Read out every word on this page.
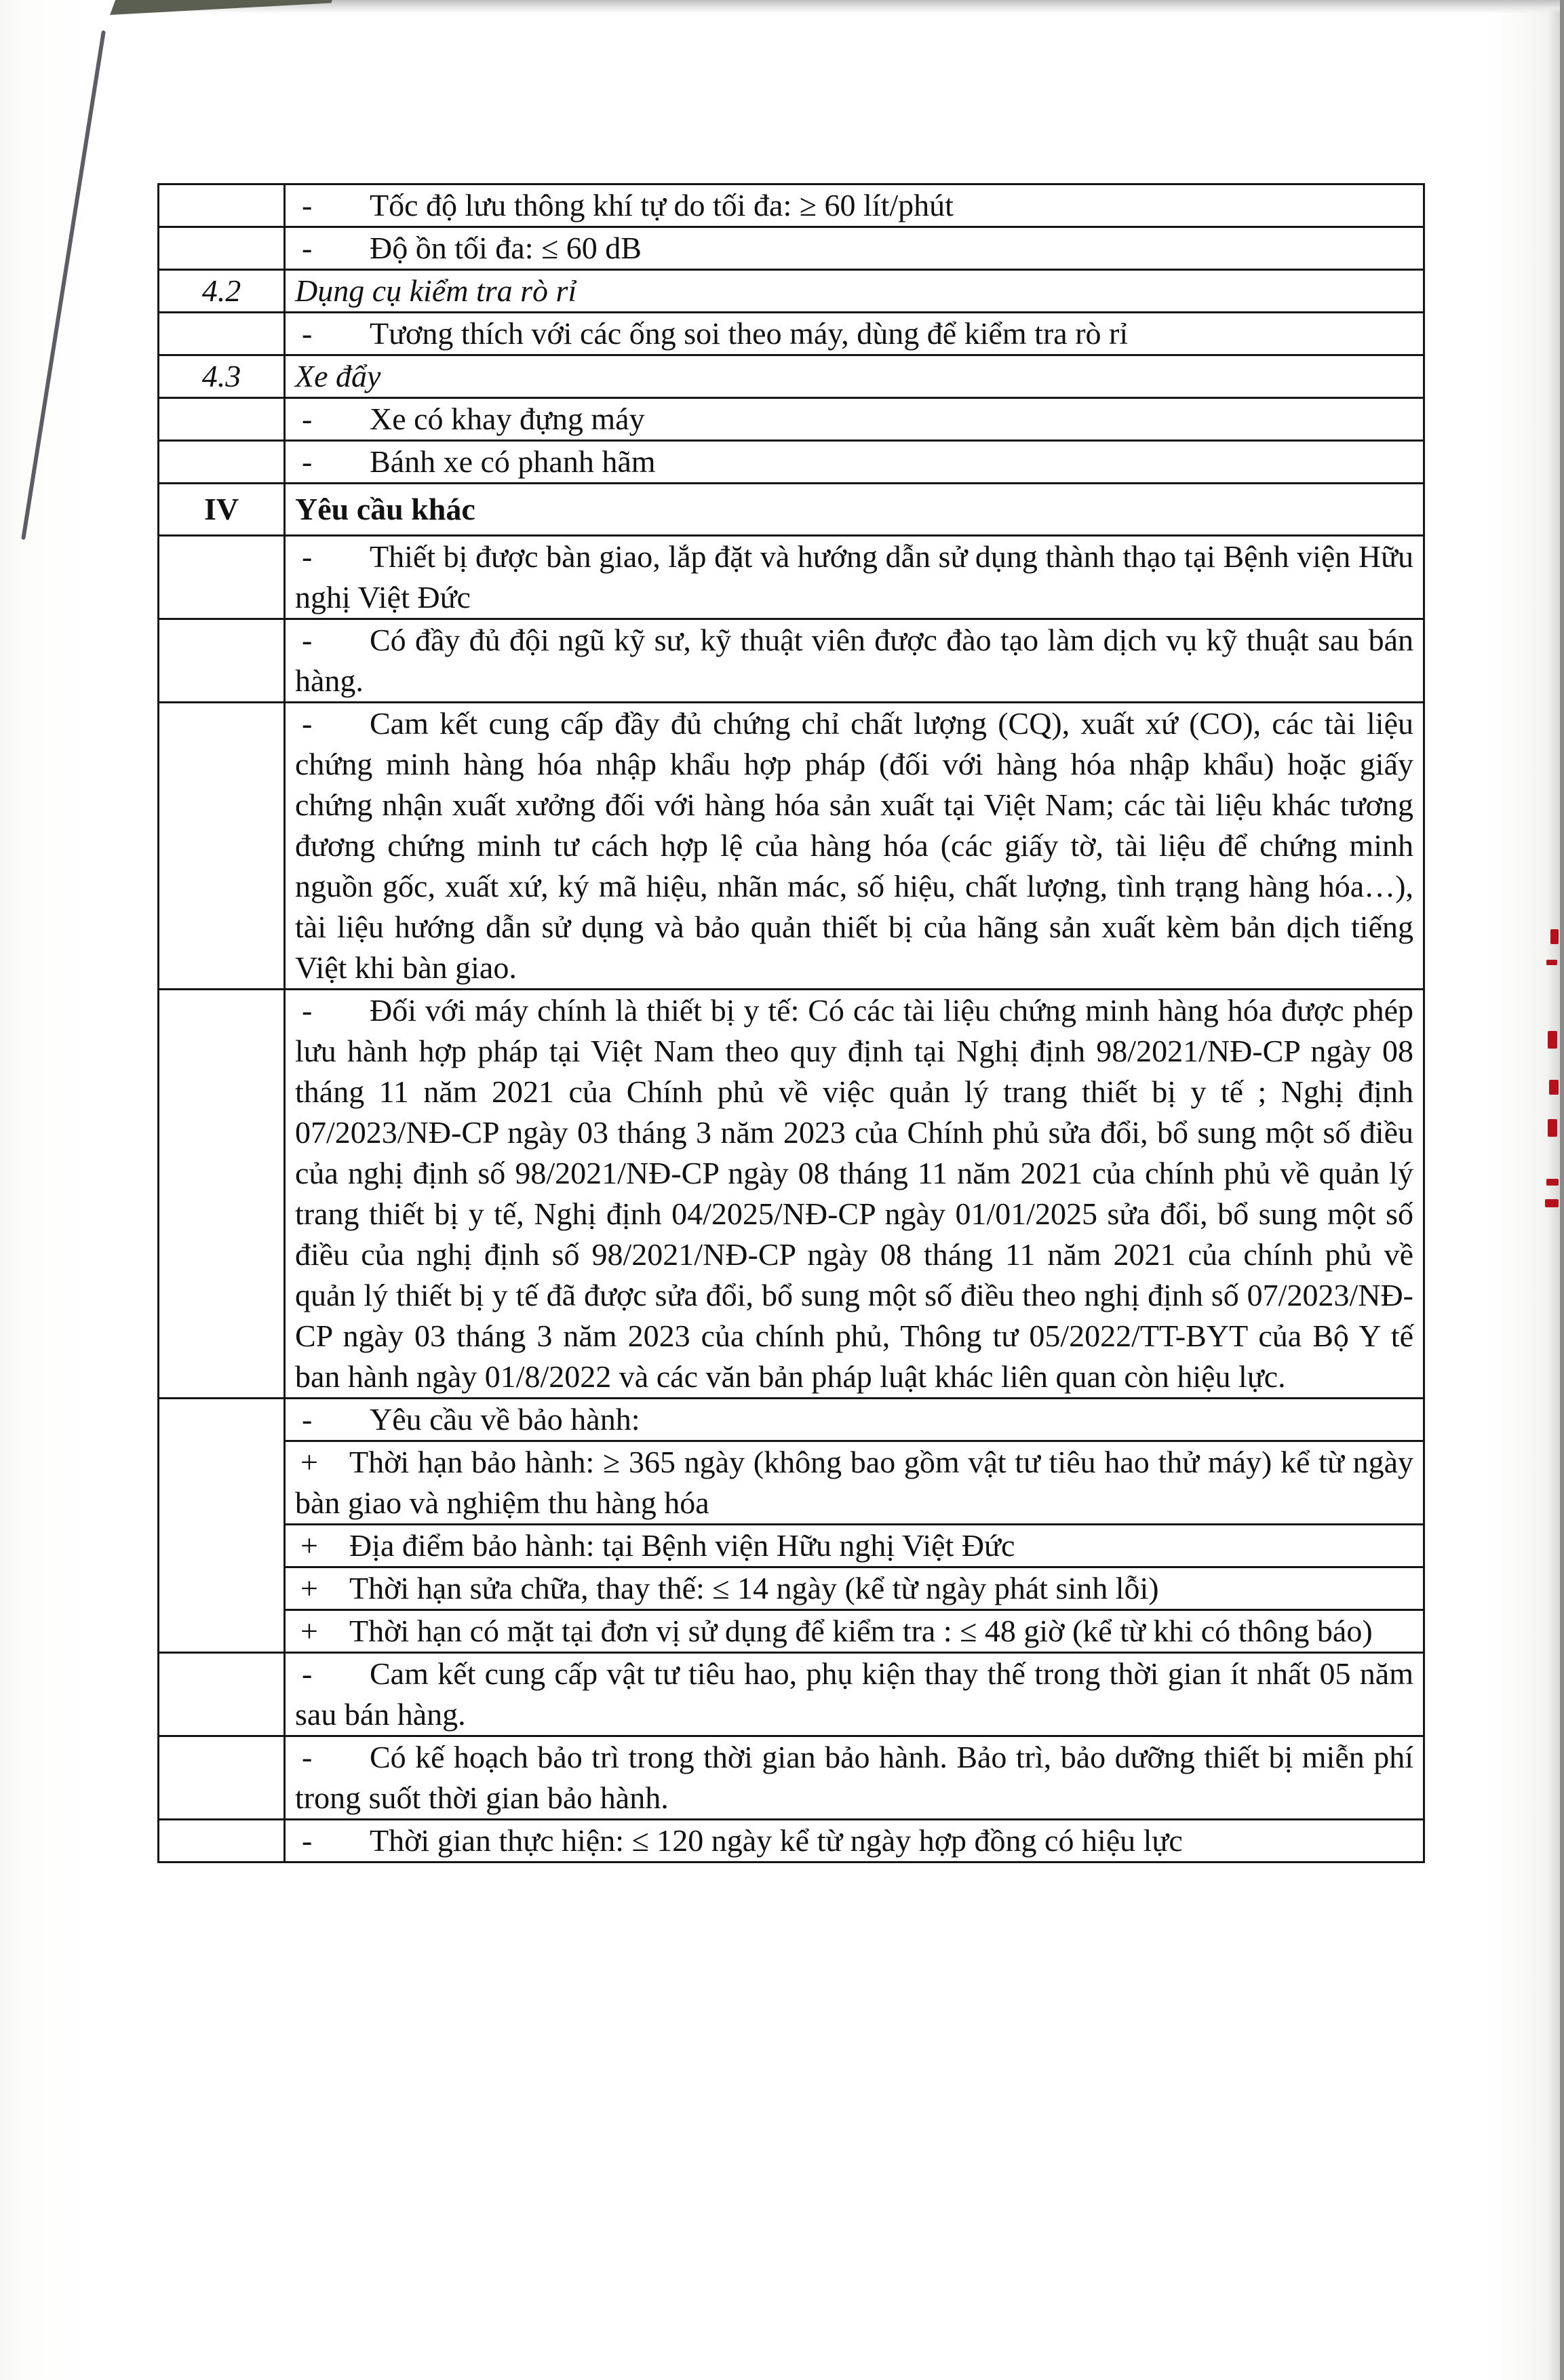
	- Tốc độ lưu thông khí tự do tối đa: ≥ 60 lít/phút
	- Độ ồn tối đa: ≤ 60 dB
4.2	Dụng cụ kiểm tra rò rỉ
	- Tương thích với các ống soi theo máy, dùng để kiểm tra rò rỉ
4.3	Xe đẩy
	- Xe có khay đựng máy
	- Bánh xe có phanh hãm
IV	Yêu cầu khác
	- Thiết bị được bàn giao, lắp đặt và hướng dẫn sử dụng thành thạo tại Bệnh viện Hữu nghị Việt Đức
	- Có đầy đủ đội ngũ kỹ sư, kỹ thuật viên được đào tạo làm dịch vụ kỹ thuật sau bán hàng.
	- Cam kết cung cấp đầy đủ chứng chỉ chất lượng (CQ), xuất xứ (CO), các tài liệu chứng minh hàng hóa nhập khẩu hợp pháp (đối với hàng hóa nhập khẩu) hoặc giấy chứng nhận xuất xưởng đối với hàng hóa sản xuất tại Việt Nam; các tài liệu khác tương đương chứng minh tư cách hợp lệ của hàng hóa (các giấy tờ, tài liệu để chứng minh nguồn gốc, xuất xứ, ký mã hiệu, nhãn mác, số hiệu, chất lượng, tình trạng hàng hóa…), tài liệu hướng dẫn sử dụng và bảo quản thiết bị của hãng sản xuất kèm bản dịch tiếng Việt khi bàn giao.
	- Đối với máy chính là thiết bị y tế: Có các tài liệu chứng minh hàng hóa được phép lưu hành hợp pháp tại Việt Nam theo quy định tại Nghị định 98/2021/NĐ-CP ngày 08 tháng 11 năm 2021 của Chính phủ về việc quản lý trang thiết bị y tế ; Nghị định 07/2023/NĐ-CP ngày 03 tháng 3 năm 2023 của Chính phủ sửa đổi, bổ sung một số điều của nghị định số 98/2021/NĐ-CP ngày 08 tháng 11 năm 2021 của chính phủ về quản lý trang thiết bị y tế, Nghị định 04/2025/NĐ-CP ngày 01/01/2025 sửa đổi, bổ sung một số điều của nghị định số 98/2021/NĐ-CP ngày 08 tháng 11 năm 2021 của chính phủ về quản lý thiết bị y tế đã được sửa đổi, bổ sung một số điều theo nghị định số 07/2023/NĐ-CP ngày 03 tháng 3 năm 2023 của chính phủ, Thông tư 05/2022/TT-BYT của Bộ Y tế ban hành ngày 01/8/2022 và các văn bản pháp luật khác liên quan còn hiệu lực.
	- Yêu cầu về bảo hành:
	+ Thời hạn bảo hành: ≥ 365 ngày (không bao gồm vật tư tiêu hao thử máy) kể từ ngày bàn giao và nghiệm thu hàng hóa
	+ Địa điểm bảo hành: tại Bệnh viện Hữu nghị Việt Đức
	+ Thời hạn sửa chữa, thay thế: ≤ 14 ngày (kể từ ngày phát sinh lỗi)
	+ Thời hạn có mặt tại đơn vị sử dụng để kiểm tra : ≤ 48 giờ (kể từ khi có thông báo)
	- Cam kết cung cấp vật tư tiêu hao, phụ kiện thay thế trong thời gian ít nhất 05 năm sau bán hàng.
	- Có kế hoạch bảo trì trong thời gian bảo hành. Bảo trì, bảo dưỡng thiết bị miễn phí trong suốt thời gian bảo hành.
	- Thời gian thực hiện: ≤ 120 ngày kể từ ngày hợp đồng có hiệu lực
